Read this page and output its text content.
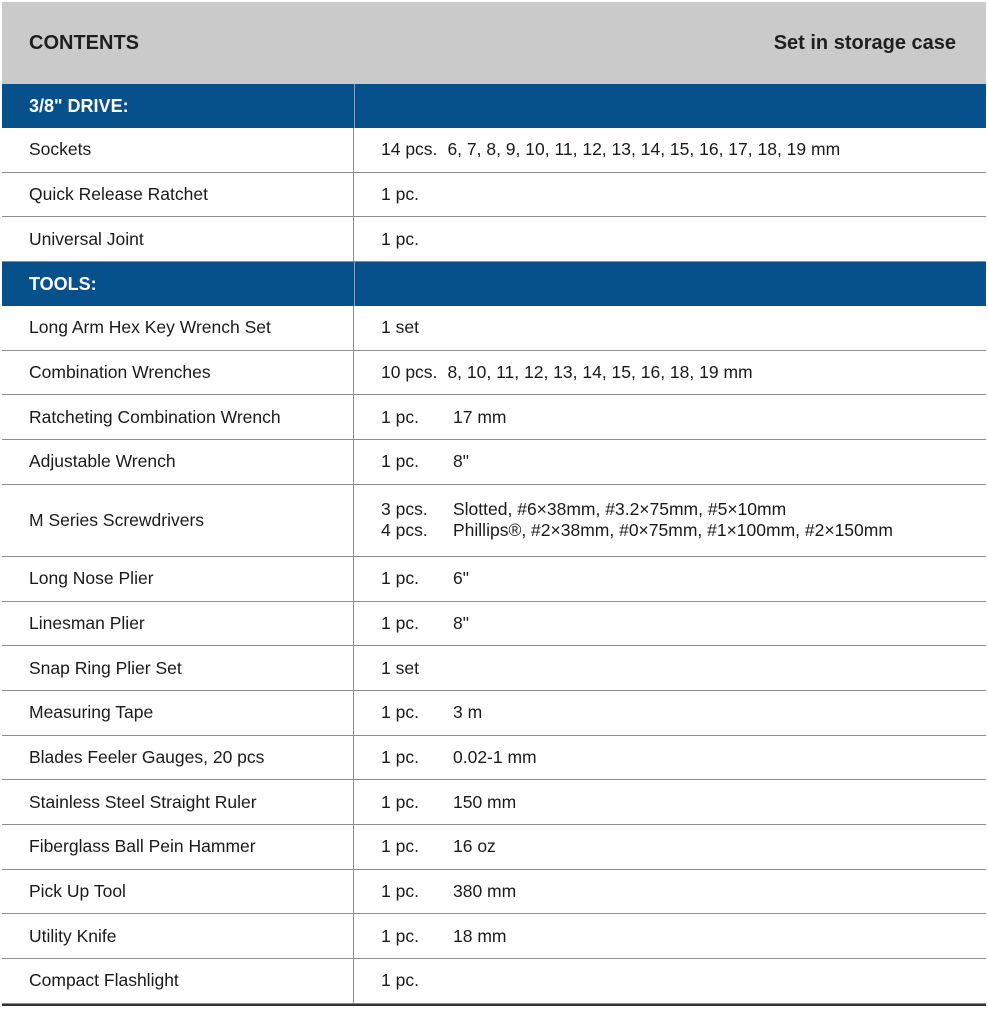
CONTENTS	Set in storage case
3/8" DRIVE:
Sockets	14 pcs. 6, 7, 8, 9, 10, 11, 12, 13, 14, 15, 16, 17, 18, 19 mm
Quick Release Ratchet	1 pc.
Universal Joint	1 pc.
TOOLS:
Long Arm Hex Key Wrench Set	1 set
Combination Wrenches	10 pcs. 8, 10, 11, 12, 13, 14, 15, 16, 18, 19 mm
Ratcheting Combination Wrench	1 pc.	17 mm
Adjustable Wrench	1 pc.	8"
M Series Screwdrivers
3 pcs.	Slotted, #6×38mm, #3.2×75mm, #5×10mm
4 pcs.	Phillips®, #2×38mm, #0×75mm, #1×100mm, #2×150mm
Long Nose Plier	1 pc.	6"
Linesman Plier	1 pc.	8"
Snap Ring Plier Set	1 set
Measuring Tape	1 pc.	3 m
Blades Feeler Gauges, 20 pcs	1 pc.	0.02-1 mm
Stainless Steel Straight Ruler	1 pc.	150 mm
Fiberglass Ball Pein Hammer	1 pc.	16 oz
Pick Up Tool	1 pc.	380 mm
Utility Knife	1 pc.	18 mm
Compact Flashlight	1 pc.
